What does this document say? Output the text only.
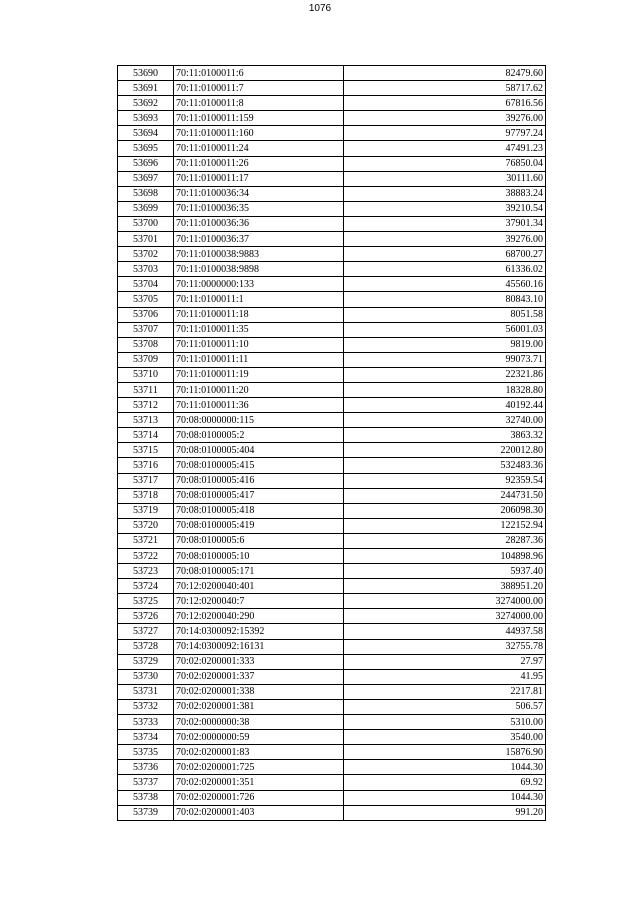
1076
53690	70:11:0100011:6	82479.60
53691	70:11:0100011:7	58717.62
53692	70:11:0100011:8	67816.56
53693	70:11:0100011:159	39276.00
53694	70:11:0100011:160	97797.24
53695	70:11:0100011:24	47491.23
53696	70:11:0100011:26	76850.04
53697	70:11:0100011:17	30111.60
53698	70:11:0100036:34	38883.24
53699	70:11:0100036:35	39210.54
53700	70:11:0100036:36	37901.34
53701	70:11:0100036:37	39276.00
53702	70:11:0100038:9883	68700.27
53703	70:11:0100038:9898	61336.02
53704	70:11:0000000:133	45560.16
53705	70:11:0100011:1	80843.10
53706	70:11:0100011:18	8051.58
53707	70:11:0100011:35	56001.03
53708	70:11:0100011:10	9819.00
53709	70:11:0100011:11	99073.71
53710	70:11:0100011:19	22321.86
53711	70:11:0100011:20	18328.80
53712	70:11:0100011:36	40192.44
53713	70:08:0000000:115	32740.00
53714	70:08:0100005:2	3863.32
53715	70:08:0100005:404	220012.80
53716	70:08:0100005:415	532483.36
53717	70:08:0100005:416	92359.54
53718	70:08:0100005:417	244731.50
53719	70:08:0100005:418	206098.30
53720	70:08:0100005:419	122152.94
53721	70:08:0100005:6	28287.36
53722	70:08:0100005:10	104898.96
53723	70:08:0100005:171	5937.40
53724	70:12:0200040:401	388951.20
53725	70:12:0200040:7	3274000.00
53726	70:12:0200040:290	3274000.00
53727	70:14:0300092:15392	44937.58
53728	70:14:0300092:16131	32755.78
53729	70:02:0200001:333	27.97
53730	70:02:0200001:337	41.95
53731	70:02:0200001:338	2217.81
53732	70:02:0200001:381	506.57
53733	70:02:0000000:38	5310.00
53734	70:02:0000000:59	3540.00
53735	70:02:0200001:83	15876.90
53736	70:02:0200001:725	1044.30
53737	70:02:0200001:351	69.92
53738	70:02:0200001:726	1044.30
53739	70:02:0200001:403	991.20
